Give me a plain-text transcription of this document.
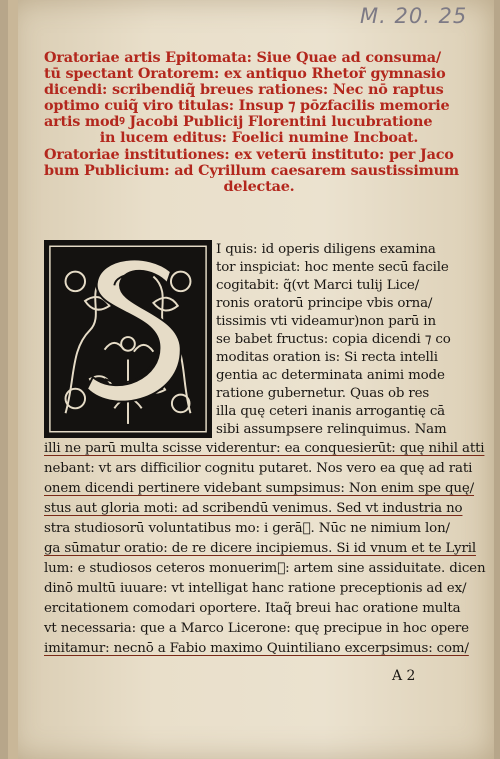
M. 20. 25
Oratoriae artis Epitomata: Siue Quae ad consuma/
tū spectant Oratorem: ex antiquo Rhetor̃ gymnasio
dicendi: scribendiq̃ breues rationes: Nec nō raptus
optimo cuiq̃ viro titulas: Insup ⁊ pōzfacilis memorie
artis modꝰ Jacobi Publicij Florentini lucubratione
in lucem editus: Foelici numine Incboat.
Oratoriae institutiones: ex veterū instituto: per Jaco
bum Publicium: ad Cyrillum caesarem saustissimum
delectae.
I quis: id operis diligens examina
tor inspiciat: hoc mente secū facile
cogitabit: q̃(vt Marci tulij Lice/
ronis oratorū principe vbis orna/
tissimis vti videamur)non parū in
se babet fructus: copia dicendi ⁊ co
moditas oration is: Si recta intelli
gentia ac determinata animi mode
ratione gubernetur. Quas ob res
illa quę ceteri inanis arrogantię cā
sibi assumpsere relinquimus. Nam
illi ne parū multa scisse viderentur: ea conquesierūt: quę nihil atti
nebant: vt ars difficilior cognitu putaret. Nos vero ea quę ad rati
onem dicendi pertinere videbant sumpsimus: Non enim spe quę/
stus aut gloria moti: ad scribendū venimus. Sed vt industria no
stra studiosorū voluntatibus mo: i gerā᷒. Nūc ne nimium lon/
ga sūmatur oratio: de re dicere incipiemus. Si id vnum et te Lyril
lum: e studiosos ceteros monuerim᷒: artem sine assiduitate. dicen
dinō multū iuuare: vt intelligat hanc ratione preceptionis ad ex/
ercitationem comodari oportere. Itaq̃ breui hac oratione multa
vt necessaria: que a Marco Licerone: quę precipue in hoc opere
imitamur: necnō a Fabio maximo Quintiliano excerpsimus: com/
A 2
